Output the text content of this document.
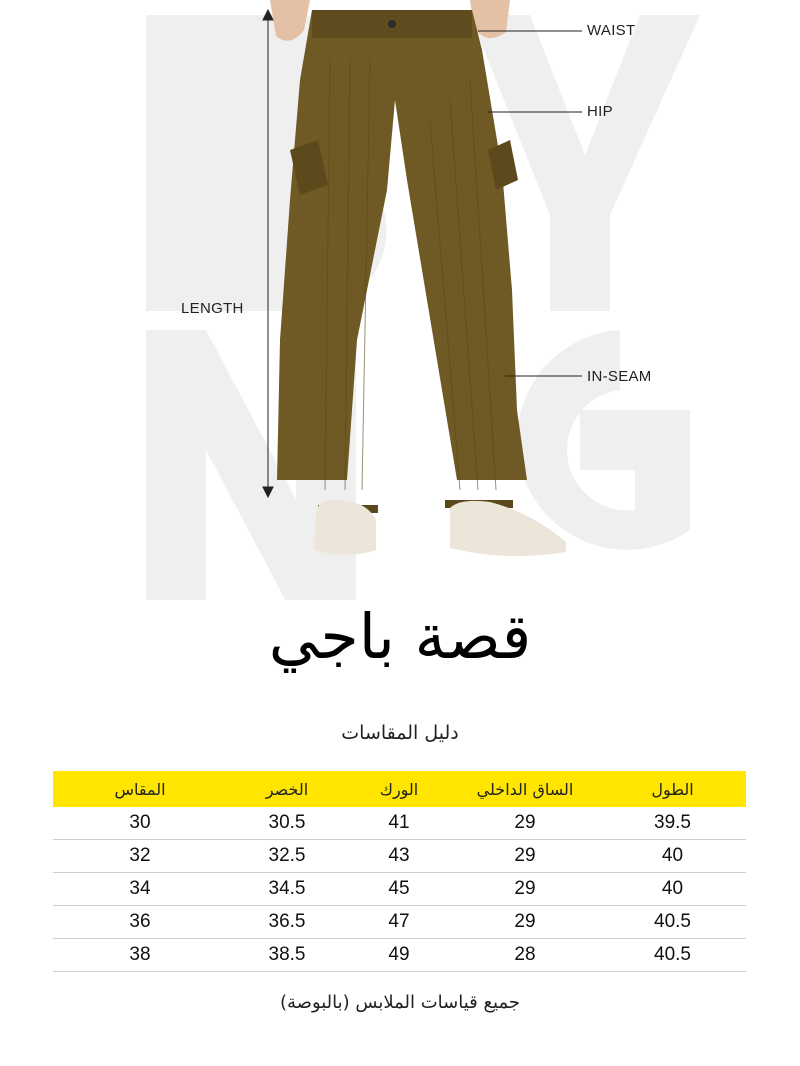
WAIST
HIP
LENGTH
IN-SEAM
قصة باجي
دليل المقاسات
المقاس	الخصر	الورك	الساق الداخلي	الطول
30	30.5	41	29	39.5
32	32.5	43	29	40
34	34.5	45	29	40
36	36.5	47	29	40.5
38	38.5	49	28	40.5
جميع قياسات الملابس (بالبوصة)
